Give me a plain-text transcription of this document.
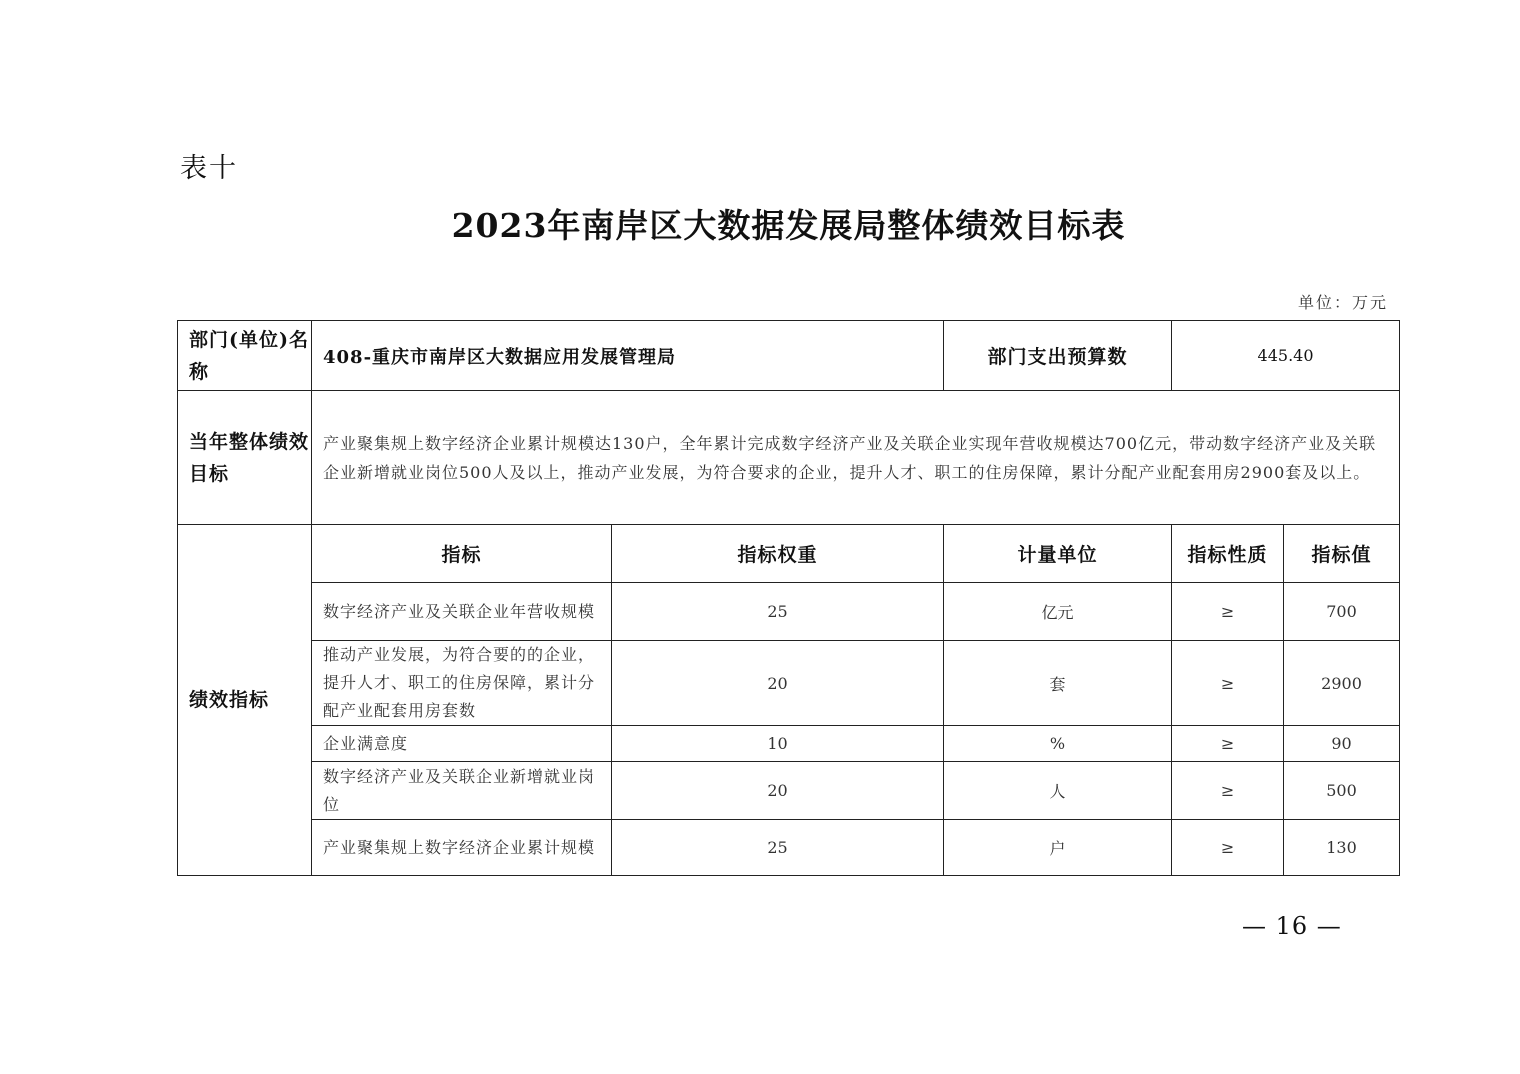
表十
2023年南岸区大数据发展局整体绩效目标表
单位：万元
部门(单位)名称	408-重庆市南岸区大数据应用发展管理局		部门支出预算数	445.40	
当年整体绩效目标	产业聚集规上数字经济企业累计规模达130户，全年累计完成数字经济产业及关联企业实现年营收规模达700亿元，带动数字经济产业及关联企业新增就业岗位500人及以上，推动产业发展，为符合要求的企业，提升人才、职工的住房保障，累计分配产业配套用房2900套及以上。				
绩效指标	指标	指标权重	计量单位	指标性质	指标值
	数字经济产业及关联企业年营收规模	25	亿元	≥	700
	推动产业发展，为符合要的的企业，提升人才、职工的住房保障，累计分配产业配套用房套数	20	套	≥	2900
	企业满意度	10	%	≥	90
	数字经济产业及关联企业新增就业岗位	20	人	≥	500
	产业聚集规上数字经济企业累计规模	25	户	≥	130
— 16 —
